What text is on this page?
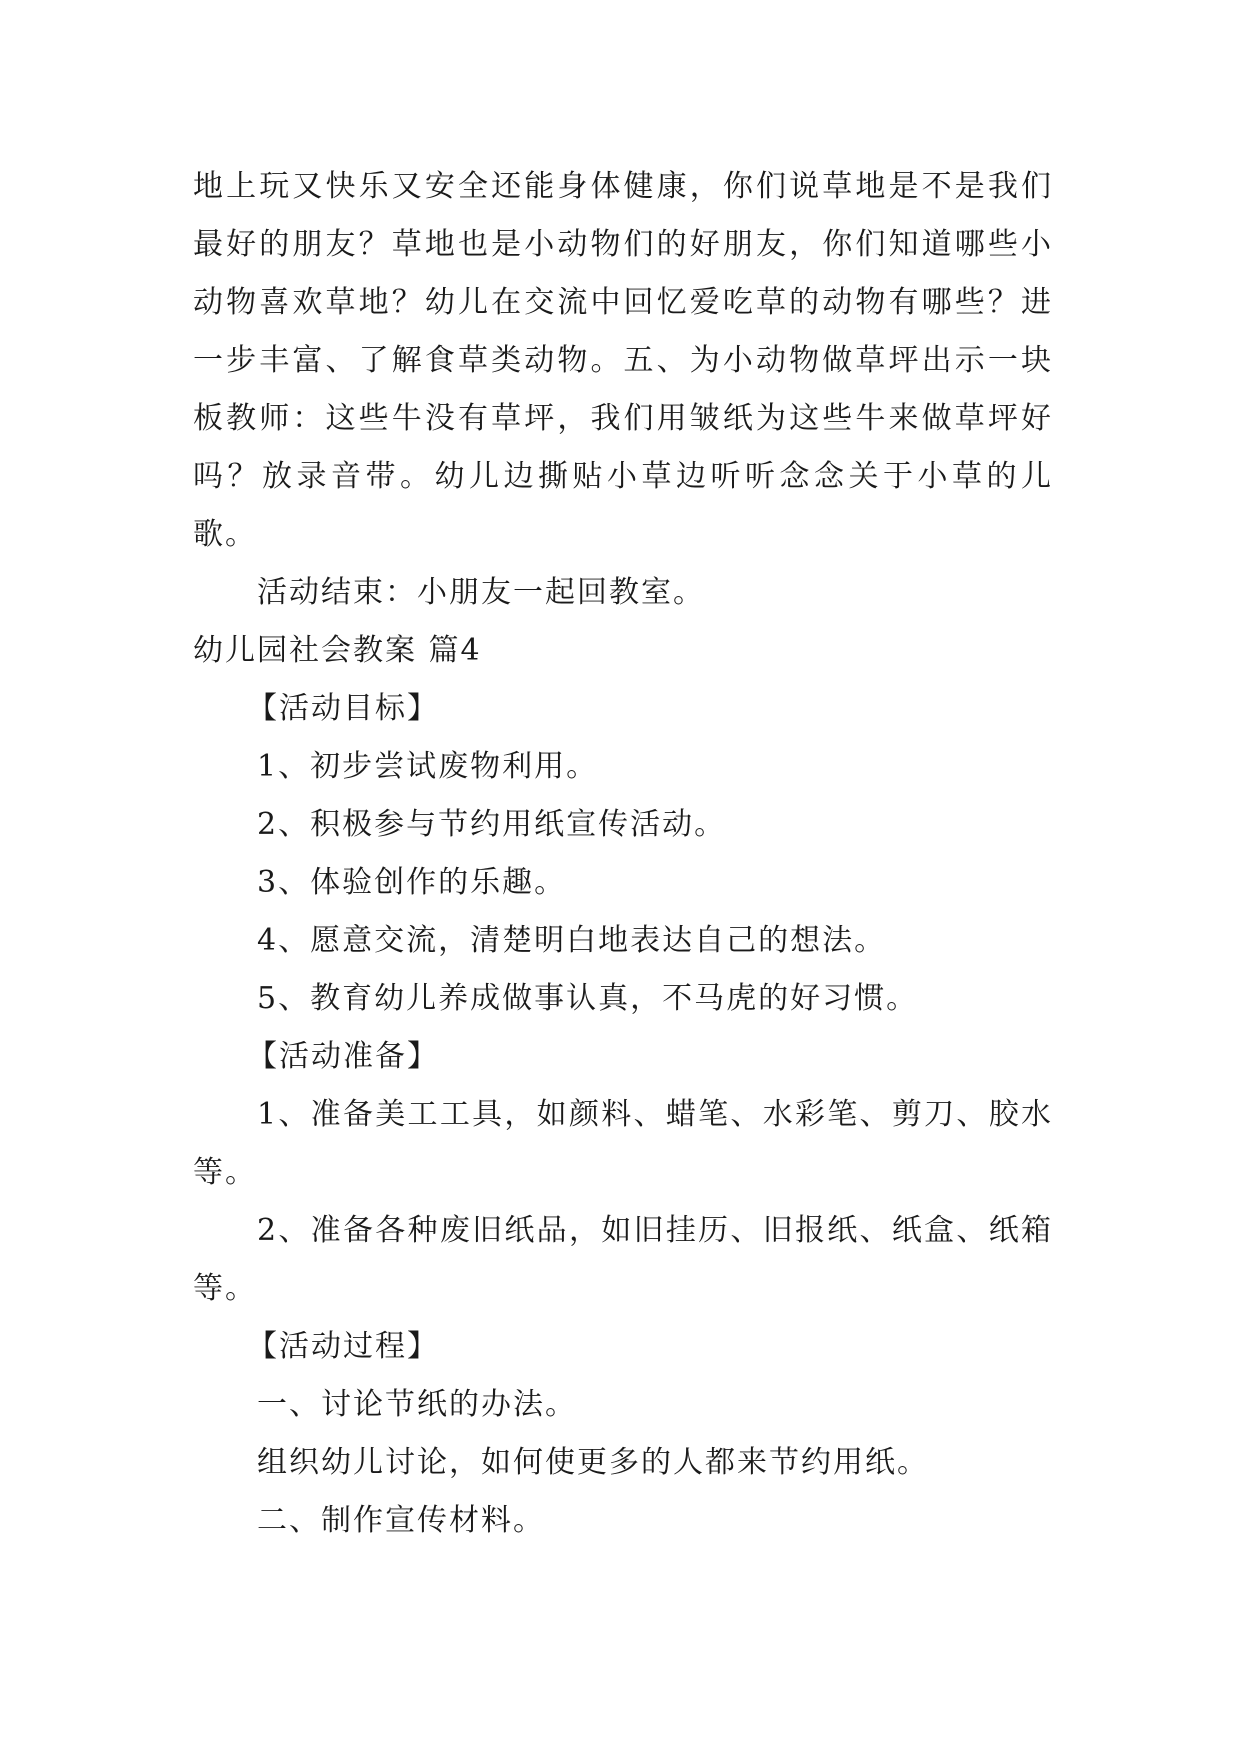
地上玩又快乐又安全还能身体健康，你们说草地是不是我们最好的朋友？草地也是小动物们的好朋友，你们知道哪些小动物喜欢草地？幼儿在交流中回忆爱吃草的动物有哪些？进一步丰富、了解食草类动物。五、为小动物做草坪出示一块板教师：这些牛没有草坪，我们用皱纸为这些牛来做草坪好吗？放录音带。幼儿边撕贴小草边听听念念关于小草的儿歌。

活动结束：小朋友一起回教室。

幼儿园社会教案 篇4

【活动目标】

1、初步尝试废物利用。

2、积极参与节约用纸宣传活动。

3、体验创作的乐趣。

4、愿意交流，清楚明白地表达自己的想法。

5、教育幼儿养成做事认真，不马虎的好习惯。

【活动准备】

1、准备美工工具，如颜料、蜡笔、水彩笔、剪刀、胶水等。

2、准备各种废旧纸品，如旧挂历、旧报纸、纸盒、纸箱等。

【活动过程】

一、讨论节纸的办法。

组织幼儿讨论，如何使更多的人都来节约用纸。

二、制作宣传材料。
